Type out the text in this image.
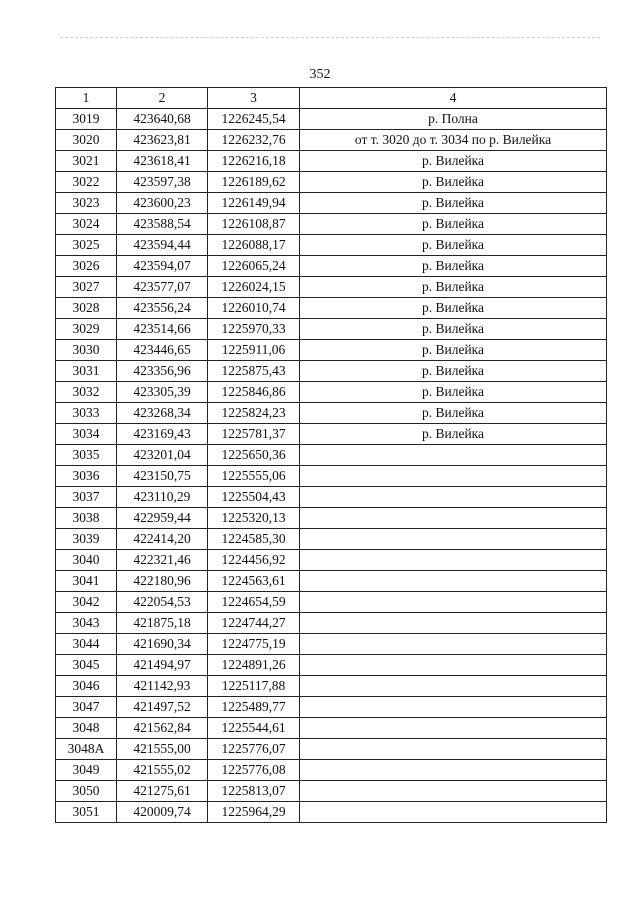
352
1	2	3	4
3019	423640,68	1226245,54	р. Полна
3020	423623,81	1226232,76	от т. 3020 до т. 3034 по р. Вилейка
3021	423618,41	1226216,18	р. Вилейка
3022	423597,38	1226189,62	р. Вилейка
3023	423600,23	1226149,94	р. Вилейка
3024	423588,54	1226108,87	р. Вилейка
3025	423594,44	1226088,17	р. Вилейка
3026	423594,07	1226065,24	р. Вилейка
3027	423577,07	1226024,15	р. Вилейка
3028	423556,24	1226010,74	р. Вилейка
3029	423514,66	1225970,33	р. Вилейка
3030	423446,65	1225911,06	р. Вилейка
3031	423356,96	1225875,43	р. Вилейка
3032	423305,39	1225846,86	р. Вилейка
3033	423268,34	1225824,23	р. Вилейка
3034	423169,43	1225781,37	р. Вилейка
3035	423201,04	1225650,36	
3036	423150,75	1225555,06	
3037	423110,29	1225504,43	
3038	422959,44	1225320,13	
3039	422414,20	1224585,30	
3040	422321,46	1224456,92	
3041	422180,96	1224563,61	
3042	422054,53	1224654,59	
3043	421875,18	1224744,27	
3044	421690,34	1224775,19	
3045	421494,97	1224891,26	
3046	421142,93	1225117,88	
3047	421497,52	1225489,77	
3048	421562,84	1225544,61	
3048А	421555,00	1225776,07	
3049	421555,02	1225776,08	
3050	421275,61	1225813,07	
3051	420009,74	1225964,29	
